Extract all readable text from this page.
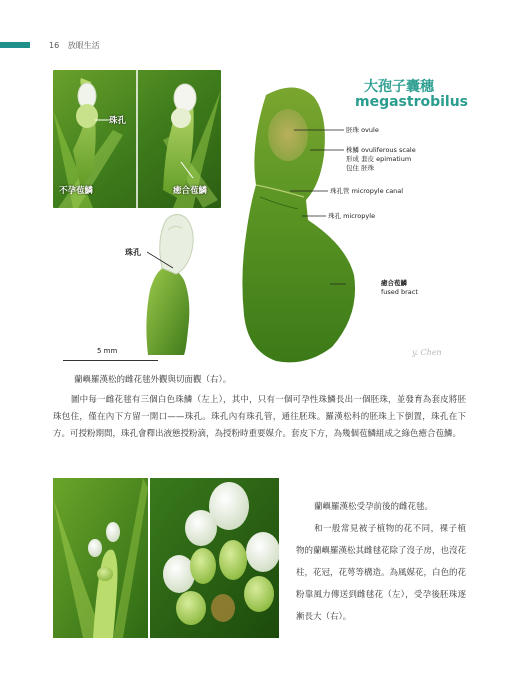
16 放眼生活
珠孔
不孕苞鱗	癒合苞鱗
珠孔
大孢子囊穗
megastrobilus
胚珠 ovule
株鱗 ovuliferous scale
形成 套皮 epimatium
包住 胚珠
珠孔管 micropyle canal
珠孔 micropyle
癒合苞鱗
fused bract
5 mm	y. Chen
蘭嶼羅漢松的雌花毬外觀與切面觀（右）。
圖中每一雌花毬有三個白色珠鱗（左上），其中，只有一個可孕性珠鱗長出一個胚珠，並發育為套皮將胚珠包住，僅在內下方留一開口——珠孔。珠孔內有珠孔管，通往胚珠。羅漢松科的胚珠上下倒置，珠孔在下方。可授粉期間，珠孔會釋出液態授粉滴，為授粉時重要媒介。套皮下方，為幾個苞鱗組成之綠色癒合苞鱗。
蘭嶼羅漢松受孕前後的雌花毬。
和一般常見被子植物的花不同，裸子植物的蘭嶼羅漢松其雌毬花除了沒子房，也沒花柱，花冠，花萼等構造。為風媒花，白色的花粉靠風力傳送到雌毬花（左），受孕後胚珠逐漸長大（右）。
